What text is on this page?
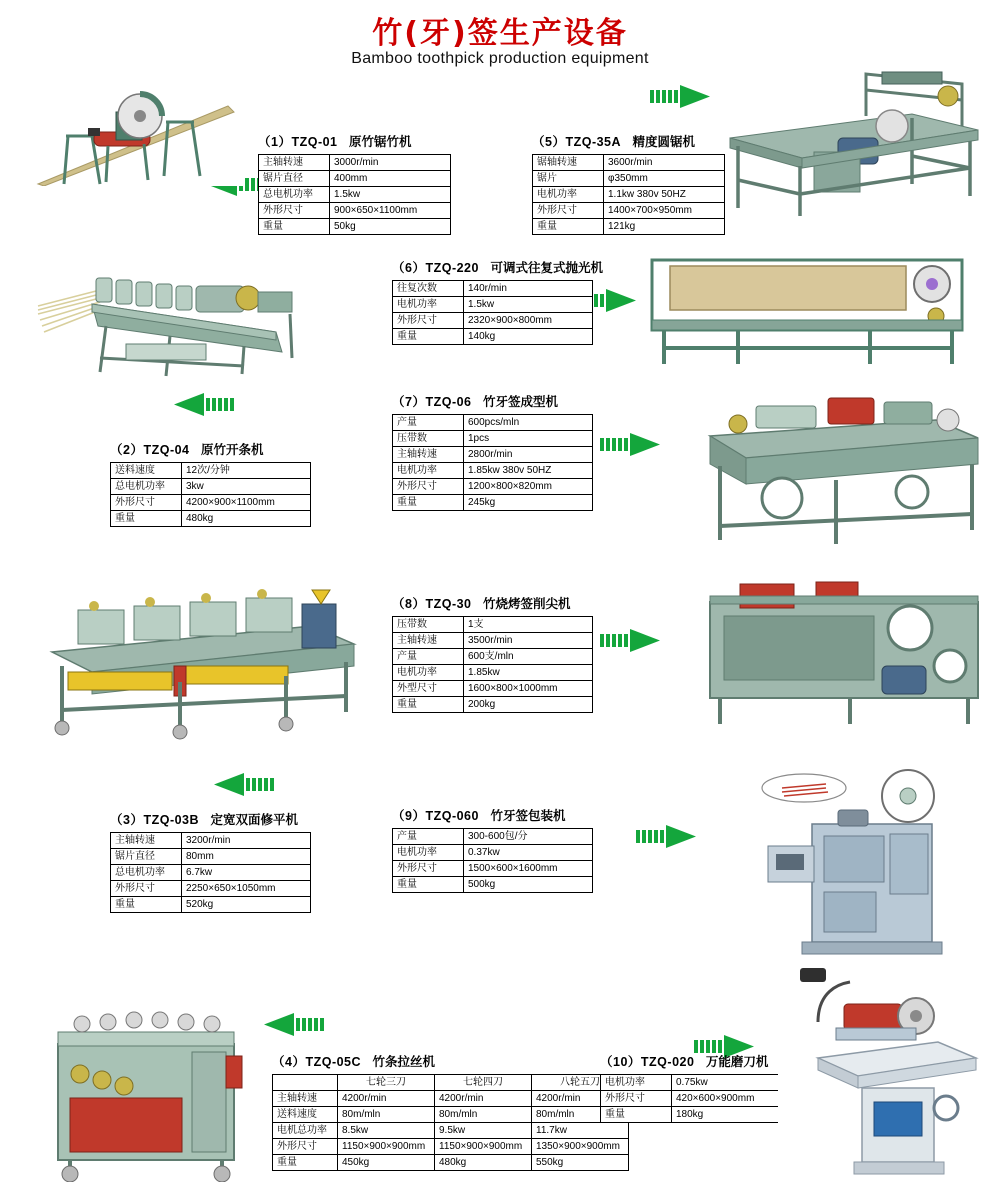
竹(牙)签生产设备
Bamboo toothpick production equipment
（1）TZQ-01 原竹锯竹机
主轴转速	3000r/min
锯片直径	400mm
总电机功率	1.5kw
外形尺寸	900×650×1100mm
重量	50kg
（5）TZQ-35A 精度圆锯机
锯轴转速	3600r/min
锯片	φ350mm
电机功率	1.1kw 380v 50HZ
外形尺寸	1400×700×950mm
重量	121kg
（2）TZQ-04 原竹开条机
送料速度	12次/分钟
总电机功率	3kw
外形尺寸	4200×900×1100mm
重量	480kg
（6）TZQ-220 可调式往复式抛光机
往复次数	140r/min
电机功率	1.5kw
外形尺寸	2320×900×800mm
重量	140kg
（7）TZQ-06 竹牙签成型机
产量	600pcs/mln
压带数	1pcs
主轴转速	2800r/min
电机功率	1.85kw 380v 50HZ
外形尺寸	1200×800×820mm
重量	245kg
（8）TZQ-30 竹烧烤签削尖机
压带数	1支
主轴转速	3500r/min
产量	600支/mln
电机功率	1.85kw
外型尺寸	1600×800×1000mm
重量	200kg
（3）TZQ-03B 定宽双面修平机
主轴转速	3200r/min
锯片直径	80mm
总电机功率	6.7kw
外形尺寸	2250×650×1050mm
重量	520kg
（9）TZQ-060 竹牙签包装机
产量	300-600包/分
电机功率	0.37kw
外形尺寸	1500×600×1600mm
重量	500kg
（4）TZQ-05C 竹条拉丝机
	七轮三刀	七轮四刀	八轮五刀
主轴转速	4200r/min	4200r/min	4200r/min
送料速度	80m/mln	80m/mln	80m/mln
电机总功率	8.5kw	9.5kw	11.7kw
外形尺寸	1150×900×900mm	1150×900×900mm	1350×900×900mm
重量	450kg	480kg	550kg
（10）TZQ-020 万能磨刀机
电机功率	0.75kw
外形尺寸	420×600×900mm
重量	180kg
